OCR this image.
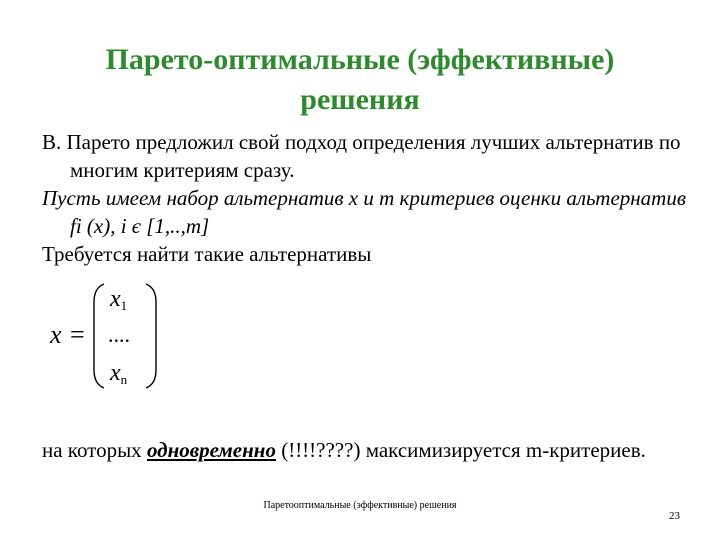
Парето-оптимальные (эффективные) решения

В. Парето предложил свой подход определения лучших альтернатив по многим критериям сразу.

Пусть имеем набор альтернатив x и m критериев оценки альтернатив fi (x), i є [1,..,m]

Требуется найти такие альтернативы

x =
$x_1$
....
$x_n$

на которых одновременно (!!!!????) максимизируется m-критериев.

Паретооптимальные (эффективные) решения
23
